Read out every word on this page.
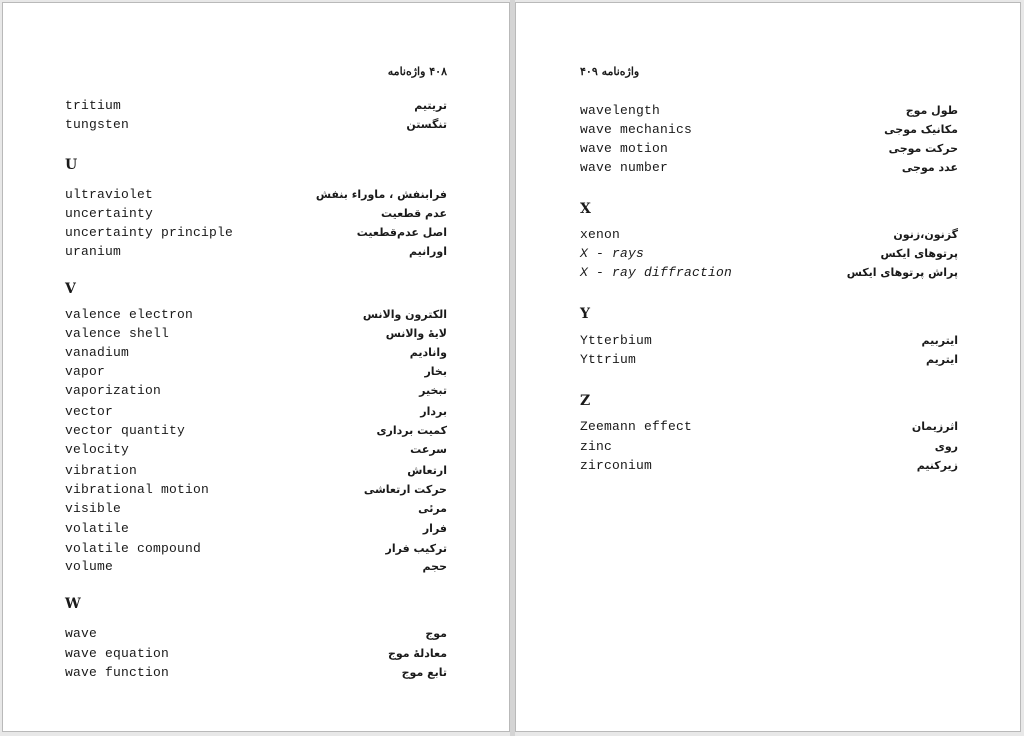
۴۰۸ واژه‌نامه
tritium	تریتیم
tungsten	تنگستن
U
ultraviolet	فرابنفش ، ماوراء بنفش
uncertainty	عدم قطعیت
uncertainty principle	اصل عدم‌قطعیت
uranium	اورانیم
V
valence electron	الکترون والانس
valence shell	لایهٔ والانس
vanadium	وانادیم
vapor	بخار
vaporization	تبخیر
vector	بردار
vector quantity	کمیت برداری
velocity	سرعت
vibration	ارتعاش
vibrational motion	حرکت ارتعاشی
visible	مرئی
volatile	فرار
volatile compound	ترکیب فرار
volume	حجم
W
wave	موج
wave equation	معادلهٔ موج
wave function	تابع موج
واژه‌نامه ۴۰۹
wavelength	طول موج
wave mechanics	مکانیک موجی
wave motion	حرکت موجی
wave number	عدد موجی
X
xenon	گزنون،زنون
X - rays	پرتوهای ایکس
X - ray diffraction	پراش پرتوهای ایکس
Y
Ytterbium	ایتربیم
Yttrium	ایتریم
Z
Zeemann effect	اثرزیمان
zinc	روی
zirconium	زیرکنیم
